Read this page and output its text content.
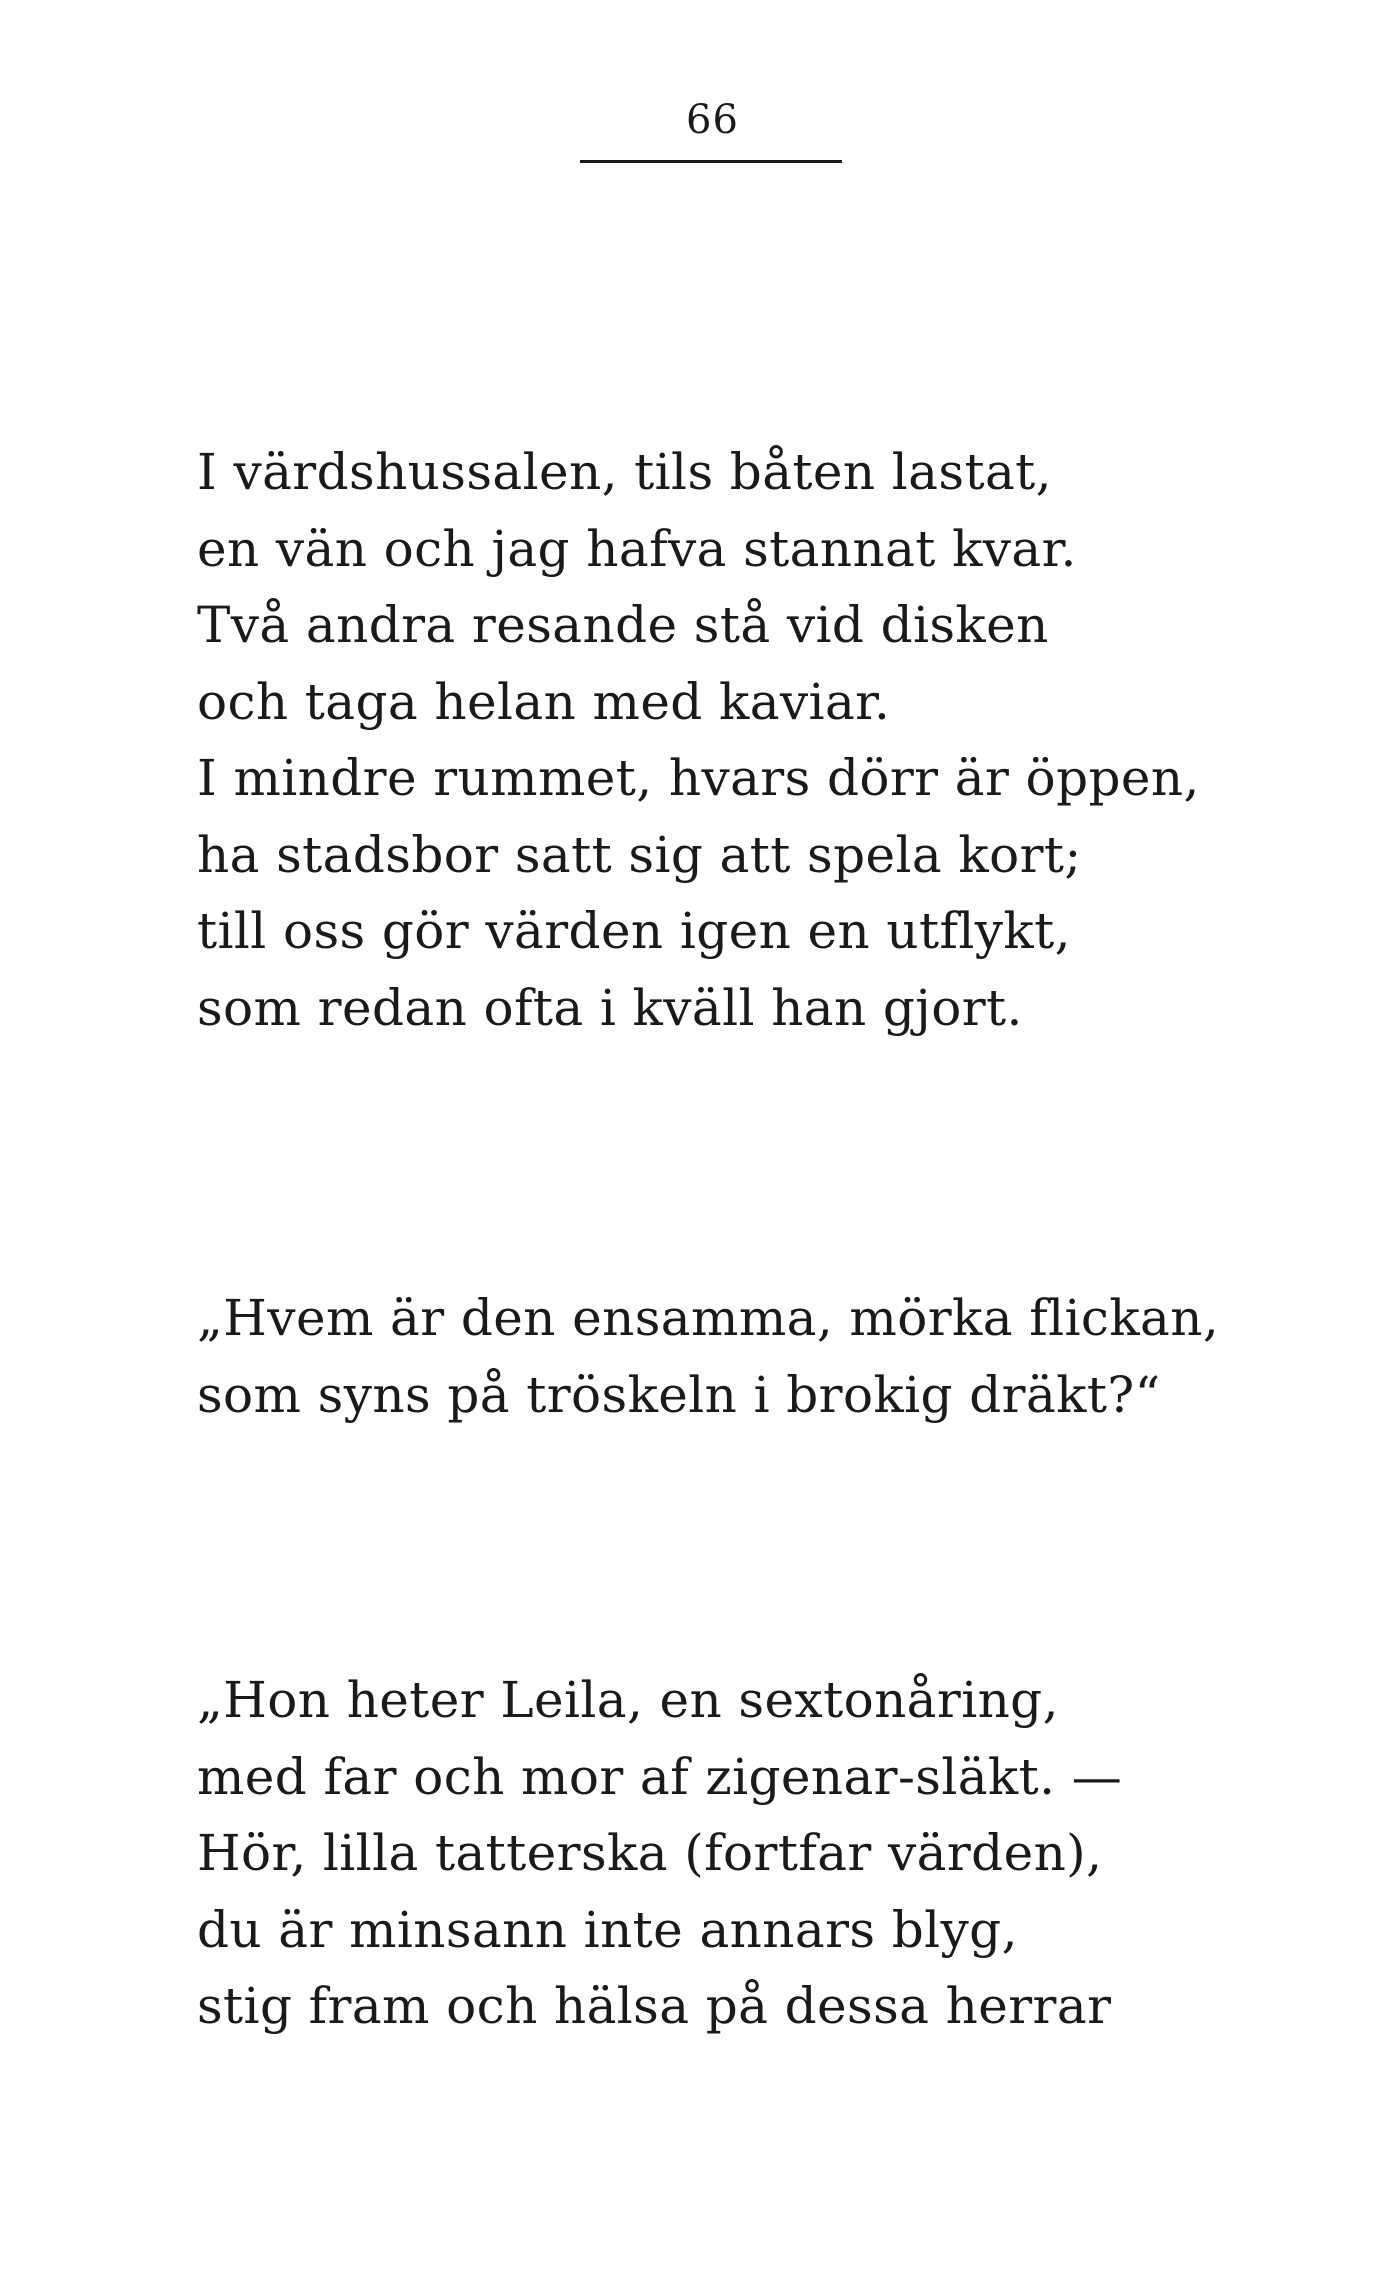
66
I värdshussalen, tils båten lastat,
en vän och jag hafva stannat kvar.
Två andra resande stå vid disken
och taga helan med kaviar.
I mindre rummet, hvars dörr är öppen,
ha stadsbor satt sig att spela kort;
till oss gör värden igen en utflykt,
som redan ofta i kväll han gjort.
„Hvem är den ensamma, mörka flickan,
som syns på tröskeln i brokig dräkt?“
„Hon heter Leila, en sextonåring,
med far och mor af zigenar-släkt. —
Hör, lilla tatterska (fortfar värden),
du är minsann inte annars blyg,
stig fram och hälsa på dessa herrar
